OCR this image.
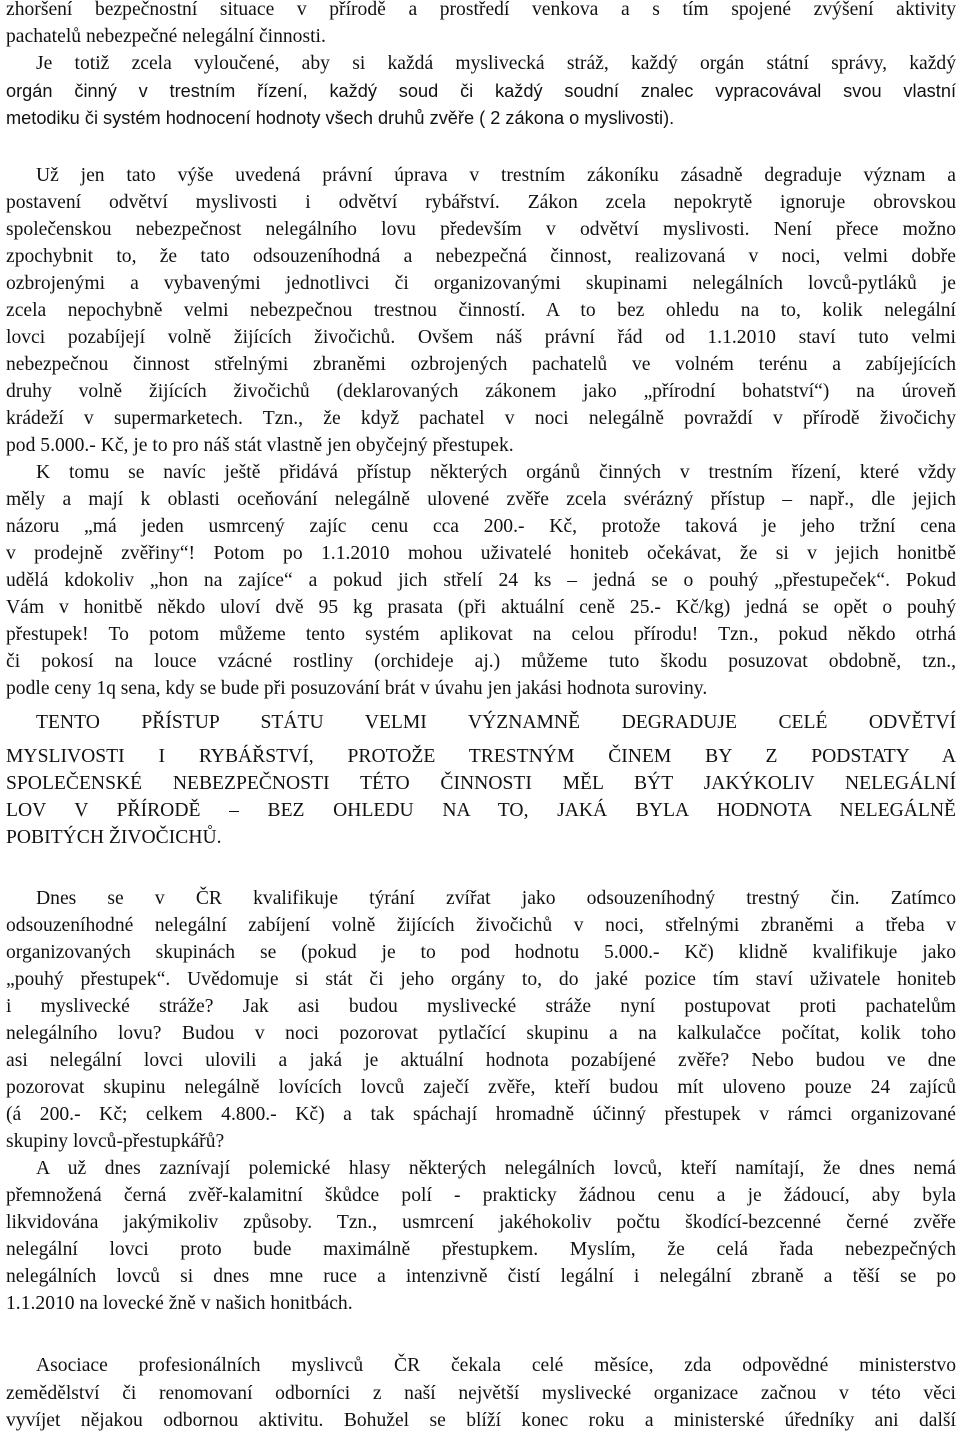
zhoršení bezpečnostní situace v přírodě a prostředí venkova a s tím spojené zvýšení aktivity
pachatelů nebezpečné nelegální činnosti.
Je totiž zcela vyloučené, aby si každá myslivecká stráž, každý orgán státní správy, každý
orgán činný v trestním řízení, každý soud či každý soudní znalec vypracovával svou vlastní
metodiku či systém hodnocení hodnoty všech druhů zvěře ( 2 zákona o myslivosti).
Už jen tato výše uvedená právní úprava v trestním zákoníku zásadně degraduje význam a
postavení odvětví myslivosti i odvětví rybářství. Zákon zcela nepokrytě ignoruje obrovskou
společenskou nebezpečnost nelegálního lovu především v odvětví myslivosti. Není přece možno
zpochybnit to, že tato odsouzeníhodná a nebezpečná činnost, realizovaná v noci, velmi dobře
ozbrojenými a vybavenými jednotlivci či organizovanými skupinami nelegálních lovců-pytláků je
zcela nepochybně velmi nebezpečnou trestnou činností. A to bez ohledu na to, kolik nelegální
lovci pozabíjejí volně žijících živočichů. Ovšem náš právní řád od 1.1.2010 staví tuto velmi
nebezpečnou činnost střelnými zbraněmi ozbrojených pachatelů ve volném terénu a zabíjejících
druhy volně žijících živočichů (deklarovaných zákonem jako „přírodní bohatství“) na úroveň
krádeží v supermarketech. Tzn., že když pachatel v noci nelegálně povraždí v přírodě živočichy
pod 5.000.- Kč, je to pro náš stát vlastně jen obyčejný přestupek.
K tomu se navíc ještě přidává přístup některých orgánů činných v trestním řízení, které vždy
měly a mají k oblasti oceňování nelegálně ulovené zvěře zcela svérázný přístup – např., dle jejich
názoru „má jeden usmrcený zajíc cenu cca 200.- Kč, protože taková je jeho tržní cena
v prodejně zvěřiny“! Potom po 1.1.2010 mohou uživatelé honiteb očekávat, že si v jejich honitbě
udělá kdokoliv „hon na zajíce“ a pokud jich střelí 24 ks – jedná se o pouhý „přestupeček“. Pokud
Vám v honitbě někdo uloví dvě 95 kg prasata (při aktuální ceně 25.- Kč/kg) jedná se opět o pouhý
přestupek! To potom můžeme tento systém aplikovat na celou přírodu! Tzn., pokud někdo otrhá
či pokosí na louce vzácné rostliny (orchideje aj.) můžeme tuto škodu posuzovat obdobně, tzn.,
podle ceny 1q sena, kdy se bude při posuzování brát v úvahu jen jakási hodnota suroviny.
TENTO PŘÍSTUP STÁTU VELMI VÝZNAMNĚ DEGRADUJE CELÉ ODVĚTVÍ
MYSLIVOSTI I RYBÁŘSTVÍ, PROTOŽE TRESTNÝM ČINEM BY Z PODSTATY A
SPOLEČENSKÉ NEBEZPEČNOSTI TÉTO ČINNOSTI MĚL BÝT JAKÝKOLIV NELEGÁLNÍ
LOV V PŘÍRODĚ – BEZ OHLEDU NA TO, JAKÁ BYLA HODNOTA NELEGÁLNĚ
POBITÝCH ŽIVOČICHŮ.
Dnes se v ČR kvalifikuje týrání zvířat jako odsouzeníhodný trestný čin. Zatímco
odsouzeníhodné nelegální zabíjení volně žijících živočichů v noci, střelnými zbraněmi a třeba v
organizovaných skupinách se (pokud je to pod hodnotu 5.000.- Kč) klidně kvalifikuje jako
„pouhý přestupek“. Uvědomuje si stát či jeho orgány to, do jaké pozice tím staví uživatele honiteb
i myslivecké stráže? Jak asi budou myslivecké stráže nyní postupovat proti pachatelům
nelegálního lovu? Budou v noci pozorovat pytlačící skupinu a na kalkulačce počítat, kolik toho
asi nelegální lovci ulovili a jaká je aktuální hodnota pozabíjené zvěře? Nebo budou ve dne
pozorovat skupinu nelegálně lovících lovců zaječí zvěře, kteří budou mít uloveno pouze 24 zajíců
(á 200.- Kč; celkem 4.800.- Kč) a tak spáchají hromadně účinný přestupek v rámci organizované
skupiny lovců-přestupkářů?
A už dnes zaznívají polemické hlasy některých nelegálních lovců, kteří namítají, že dnes nemá
přemnožená černá zvěř-kalamitní škůdce polí - prakticky žádnou cenu a je žádoucí, aby byla
likvidována jakýmikoliv způsoby. Tzn., usmrcení jakéhokoliv počtu škodící-bezcenné černé zvěře
nelegální lovci proto bude maximálně přestupkem. Myslím, že celá řada nebezpečných
nelegálních lovců si dnes mne ruce a intenzivně čistí legální i nelegální zbraně a těší se po
1.1.2010 na lovecké žně v našich honitbách.
Asociace profesionálních myslivců ČR čekala celé měsíce, zda odpovědné ministerstvo
zemědělství či renomovaní odborníci z naší největší myslivecké organizace začnou v této věci
vyvíjet nějakou odbornou aktivitu. Bohužel se blíží konec roku a ministerské úředníky ani další
